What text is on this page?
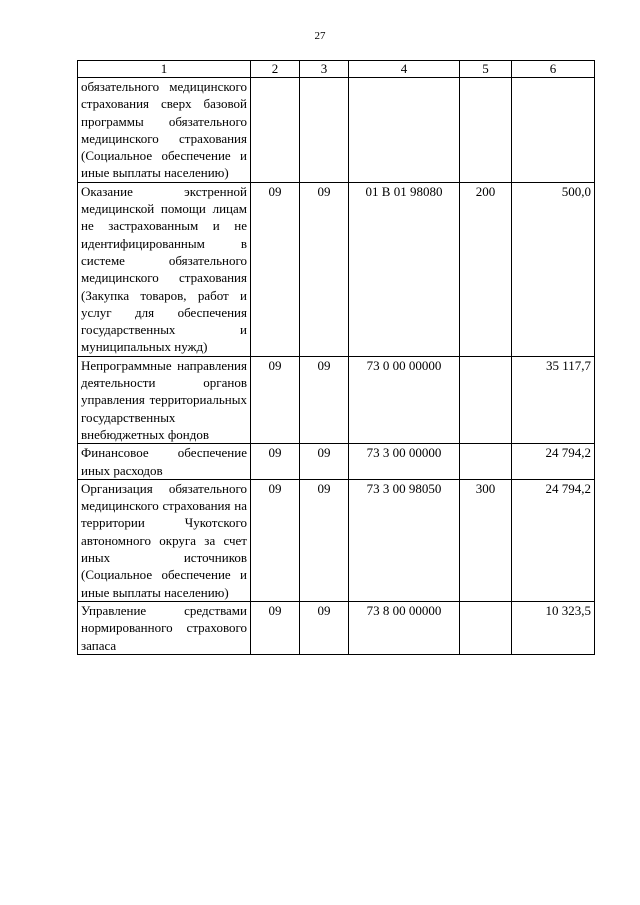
27
1	2	3	4	5	6
обязательного медицинского страхования сверх базовой программы обязательного медицинского страхования (Социальное обеспечение и иные выплаты населению)					
Оказание экстренной медицинской помощи лицам не застрахованным и не идентифицированным в системе обязательного медицинского страхования (Закупка товаров, работ и услуг для обеспечения государственных и муниципальных нужд)	09	09	01 В 01 98080	200	500,0
Непрограммные направления деятельности органов управления территориальных государственных внебюджетных фондов	09	09	73 0 00 00000		35 117,7
Финансовое обеспечение иных расходов	09	09	73 3 00 00000		24 794,2
Организация обязательного медицинского страхования на территории Чукотского автономного округа за счет иных источников (Социальное обеспечение и иные выплаты населению)	09	09	73 3 00 98050	300	24 794,2
Управление средствами нормированного страхового запаса	09	09	73 8 00 00000		10 323,5
